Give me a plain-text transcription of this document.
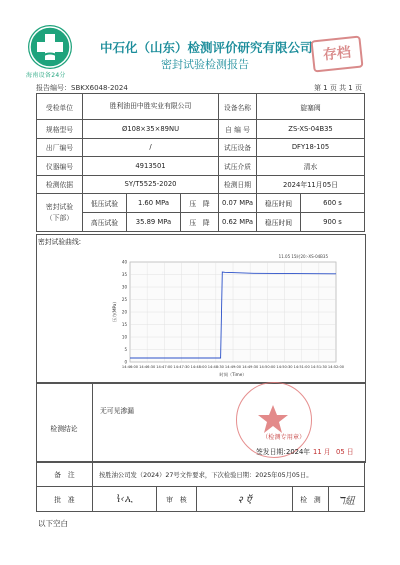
海南设备24分
中石化（山东）检测评价研究有限公司
密封试验检测报告
存档
报告编号：SBKX6048-2024	第 1 页 共 1 页
受检单位	胜利油田中胜实业有限公司			设备名称	旋塞阀	
规格型号	Ø108×35×89NU			自 编 号	ZS-XS-04B35	
出厂编号	/			试压设备	DFY18-105	
仪器编号	4913501			试压介质	清水	
检测依据	SY/T5525-2020			检测日期	2024年11月05日	
密封试验（下部）	低压试验	1.60 MPa	压　降	0.07 MPa	稳压时间	600 s
	高压试验	35.89 MPa	压　降	0.62 MPa	稳压时间	900 s
密封试验曲线:
0
5
10
15
20
25
30
35
40
14:46:00 14:46:30 14:47:00 14:47:30 14:48:00 14:48:30 14:49:00 14:49:30 14:50:00 14:50:30 14:51:00 14:51:30 14:52:00
时间（Time）
压力(MPa)
11.05 15时20:-XS-04B35
检测结论
无可见渗漏
（检测专用章）
签发日期：
2024年 11 月 05 日
备　注	按胜油公司发（2024）27号文件要求，下次检验日期：2025年05月05日。				
批　准	ꝇ‹ኢ	审　核	२ ऍ	检　测	ℸ紐
以下空白
